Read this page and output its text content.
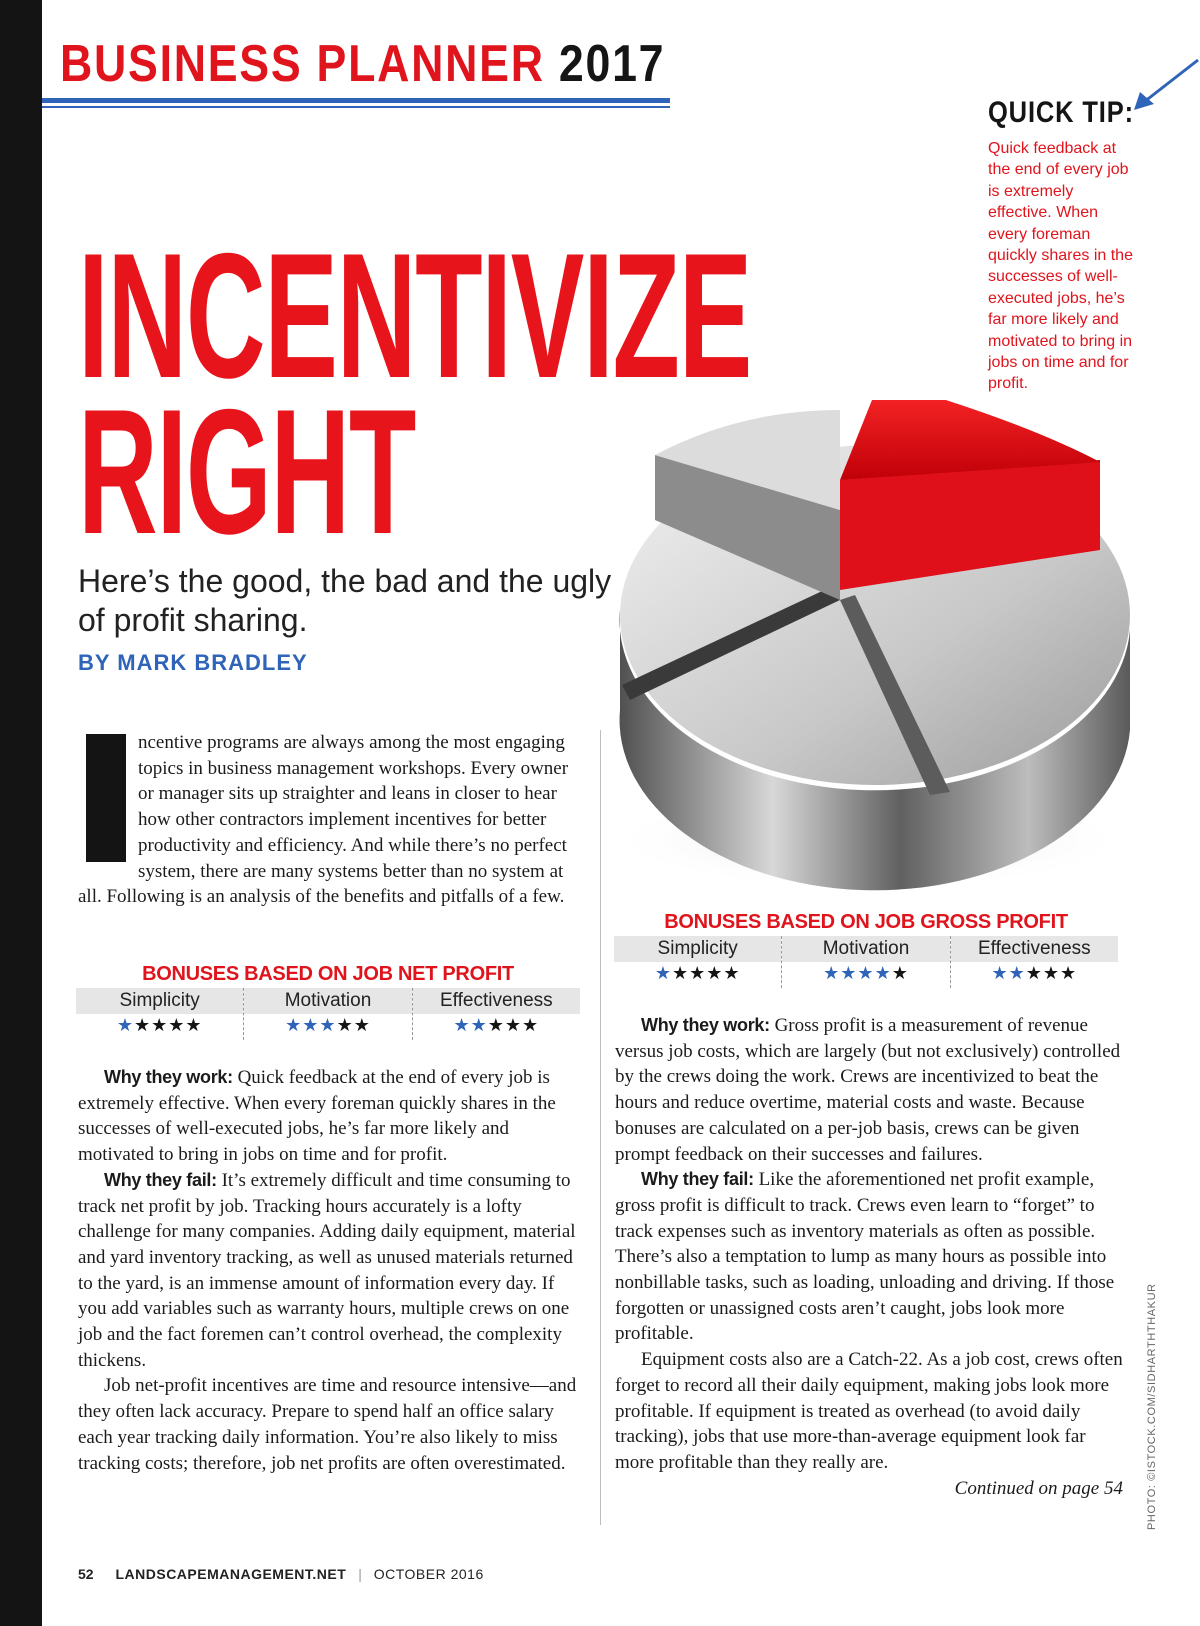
BUSINESS PLANNER 2017
QUICK TIP:
Quick feedback at the end of every job is extremely effective. When every foreman quickly shares in the successes of well-executed jobs, he’s far more likely and motivated to bring in jobs on time and for profit.
INCENTIVIZE
RIGHT
Here’s the good, the bad and the ugly of profit sharing.
BY MARK BRADLEY

ncentive programs are always among the most engaging topics in business management workshops. Every owner or manager sits up straighter and leans in closer to hear how other contractors implement incentives for better productivity and efficiency. And while there’s no perfect system, there are many systems better than no system at all. Following is an analysis of the benefits and pitfalls of a few.

BONUSES BASED ON JOB NET PROFIT
Simplicity
★★★★★
Motivation
★★★★★
Effectiveness
★★★★★
BONUSES BASED ON JOB GROSS PROFIT
Simplicity
★★★★★
Motivation
★★★★★
Effectiveness
★★★★★

Why they work: Quick feedback at the end of every job is extremely effective. When every foreman quickly shares in the successes of well-executed jobs, he’s far more likely and motivated to bring in jobs on time and for profit.

Why they fail: It’s extremely difficult and time consuming to track net profit by job. Tracking hours accurately is a lofty challenge for many companies. Adding daily equipment, material and yard inventory tracking, as well as unused materials returned to the yard, is an immense amount of information every day. If you add variables such as warranty hours, multiple crews on one job and the fact foremen can’t control overhead, the complexity thickens.

Job net-profit incentives are time and resource intensive—and they often lack accuracy. Prepare to spend half an office salary each year tracking daily information. You’re also likely to miss tracking costs; therefore, job net profits are often overestimated.

Why they work: Gross profit is a measurement of revenue versus job costs, which are largely (but not exclusively) controlled by the crews doing the work. Crews are incentivized to beat the hours and reduce overtime, material costs and waste. Because bonuses are calculated on a per-job basis, crews can be given prompt feedback on their successes and failures.

Why they fail: Like the aforementioned net profit example, gross profit is difficult to track. Crews even learn to “forget” to track expenses such as inventory materials as often as possible. There’s also a temptation to lump as many hours as possible into nonbillable tasks, such as loading, unloading and driving. If those forgotten or unassigned costs aren’t caught, jobs look more profitable.

Equipment costs also are a Catch-22. As a job cost, crews often forget to record all their daily equipment, making jobs look more profitable. If equipment is treated as overhead (to avoid daily tracking), jobs that use more-than-average equipment look far more profitable than they really are.

Continued on page 54 PHOTO: ©ISTOCK.COM/SIDHARTHTHAKUR
52 LANDSCAPEMANAGEMENT.NET | OCTOBER 2016
